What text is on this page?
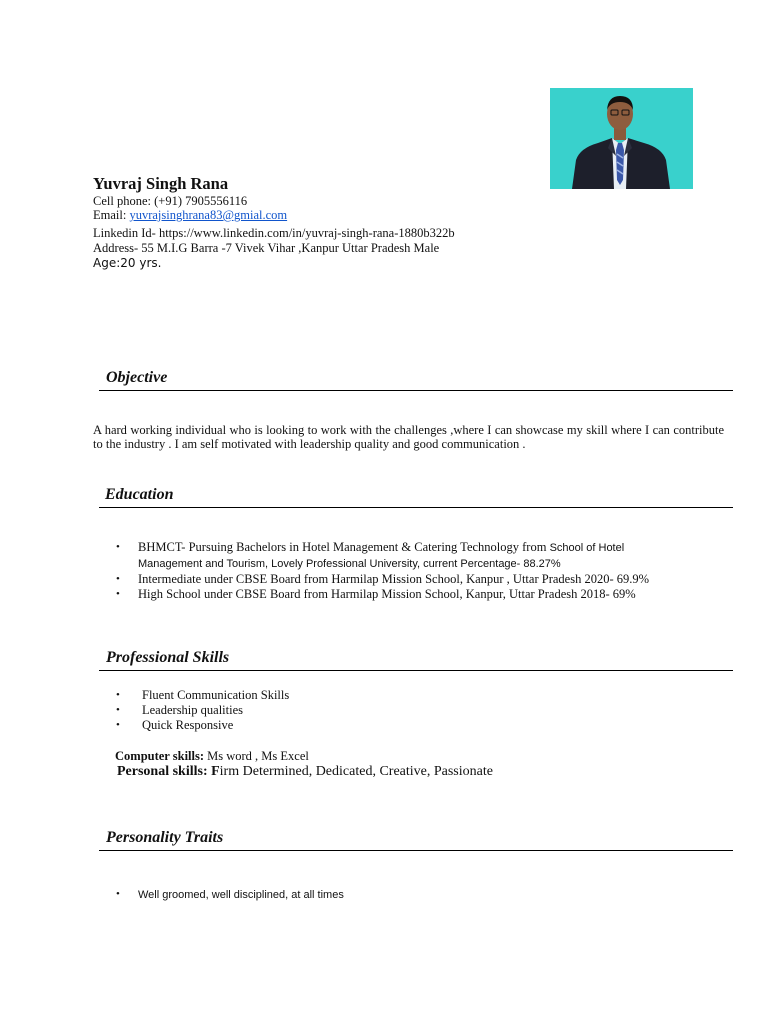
Yuvraj Singh Rana
Cell phone: (+91) 7905556116
Email: yuvrajsinghrana83@gmial.com
Linkedin Id- https://www.linkedin.com/in/yuvraj-singh-rana-1880b322b
Address- 55 M.I.G Barra -7 Vivek Vihar ,Kanpur Uttar Pradesh Male
Age:20 yrs.
Objective
A hard working individual who is looking to work with the challenges ,where I can showcase my skill where I can contribute to the industry . I am self motivated with leadership quality and good communication .
Education
• BHMCT- Pursuing Bachelors in Hotel Management & Catering Technology from School of Hotel
Management and Tourism, Lovely Professional University, current Percentage- 88.27%
• Intermediate under CBSE Board from Harmilap Mission School, Kanpur , Uttar Pradesh 2020- 69.9%
• High School under CBSE Board from Harmilap Mission School, Kanpur, Uttar Pradesh 2018- 69%
Professional Skills
• Fluent Communication Skills
• Leadership qualities
• Quick Responsive
Computer skills: Ms word , Ms Excel
Personal skills: Firm Determined, Dedicated, Creative, Passionate
Personality Traits
• Well groomed, well disciplined, at all times
